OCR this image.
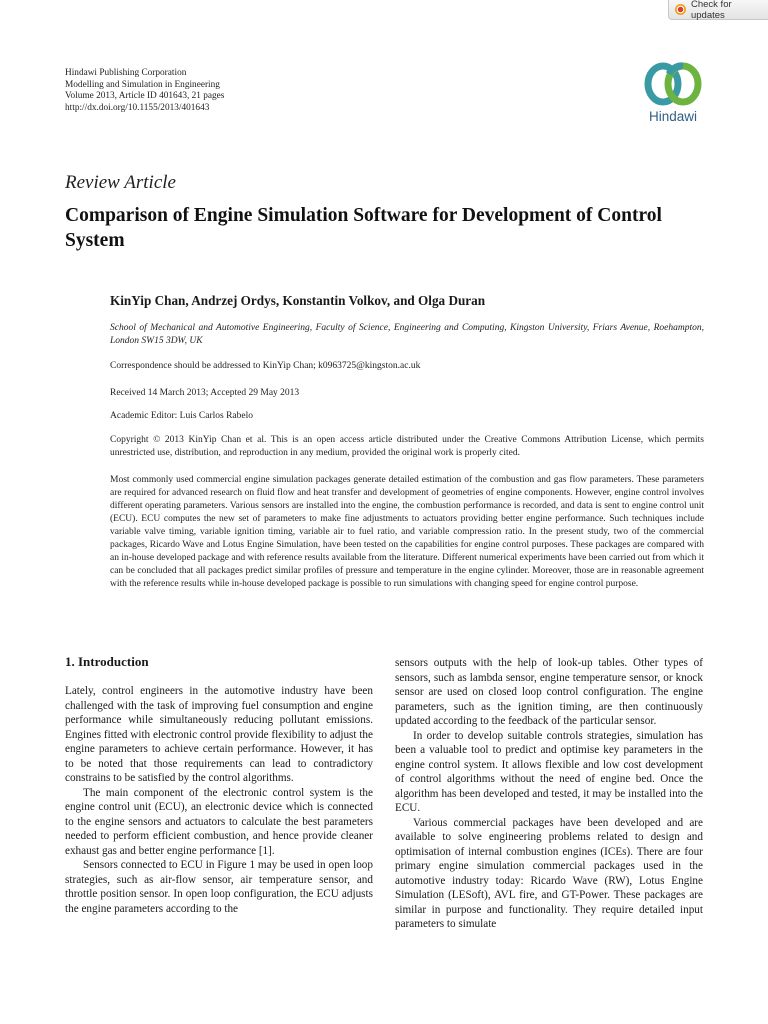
Check for updates
Hindawi Publishing Corporation
Modelling and Simulation in Engineering
Volume 2013, Article ID 401643, 21 pages
http://dx.doi.org/10.1155/2013/401643
Hindawi
Review Article
Comparison of Engine Simulation Software for Development of Control System
KinYip Chan, Andrzej Ordys, Konstantin Volkov, and Olga Duran
School of Mechanical and Automotive Engineering, Faculty of Science, Engineering and Computing, Kingston University, Friars Avenue, Roehampton, London SW15 3DW, UK
Correspondence should be addressed to KinYip Chan; k0963725@kingston.ac.uk
Received 14 March 2013; Accepted 29 May 2013
Academic Editor: Luis Carlos Rabelo
Copyright © 2013 KinYip Chan et al. This is an open access article distributed under the Creative Commons Attribution License, which permits unrestricted use, distribution, and reproduction in any medium, provided the original work is properly cited.

Most commonly used commercial engine simulation packages generate detailed estimation of the combustion and gas flow parameters. These parameters are required for advanced research on fluid flow and heat transfer and development of geometries of engine components. However, engine control involves different operating parameters. Various sensors are installed into the engine, the combustion performance is recorded, and data is sent to engine control unit (ECU). ECU computes the new set of parameters to make fine adjustments to actuators providing better engine performance. Such techniques include variable valve timing, variable ignition timing, variable air to fuel ratio, and variable compression ratio. In the present study, two of the commercial packages, Ricardo Wave and Lotus Engine Simulation, have been tested on the capabilities for engine control purposes. These packages are compared with an in-house developed package and with reference results available from the literature. Different numerical experiments have been carried out from which it can be concluded that all packages predict similar profiles of pressure and temperature in the engine cylinder. Moreover, those are in reasonable agreement with the reference results while in-house developed package is possible to run simulations with changing speed for engine control purpose.

1. Introduction

Lately, control engineers in the automotive industry have been challenged with the task of improving fuel consumption and engine performance while simultaneously reducing pollutant emissions. Engines fitted with electronic control provide flexibility to adjust the engine parameters to achieve certain performance. However, it has to be noted that those requirements can lead to contradictory constrains to be satisfied by the control algorithms.

The main component of the electronic control system is the engine control unit (ECU), an electronic device which is connected to the engine sensors and actuators to calculate the best parameters needed to perform efficient combustion, and hence provide cleaner exhaust gas and better engine performance [1].

Sensors connected to ECU in Figure 1 may be used in open loop strategies, such as air-flow sensor, air temperature sensor, and throttle position sensor. In open loop configuration, the ECU adjusts the engine parameters according to the

sensors outputs with the help of look-up tables. Other types of sensors, such as lambda sensor, engine temperature sensor, or knock sensor are used on closed loop control configuration. The engine parameters, such as the ignition timing, are then continuously updated according to the feedback of the particular sensor.

In order to develop suitable controls strategies, simulation has been a valuable tool to predict and optimise key parameters in the engine control system. It allows flexible and low cost development of control algorithms without the need of engine bed. Once the algorithm has been developed and tested, it may be installed into the ECU.

Various commercial packages have been developed and are available to solve engineering problems related to design and optimisation of internal combustion engines (ICEs). There are four primary engine simulation commercial packages used in the automotive industry today: Ricardo Wave (RW), Lotus Engine Simulation (LESoft), AVL fire, and GT-Power. These packages are similar in purpose and functionality. They require detailed input parameters to simulate
